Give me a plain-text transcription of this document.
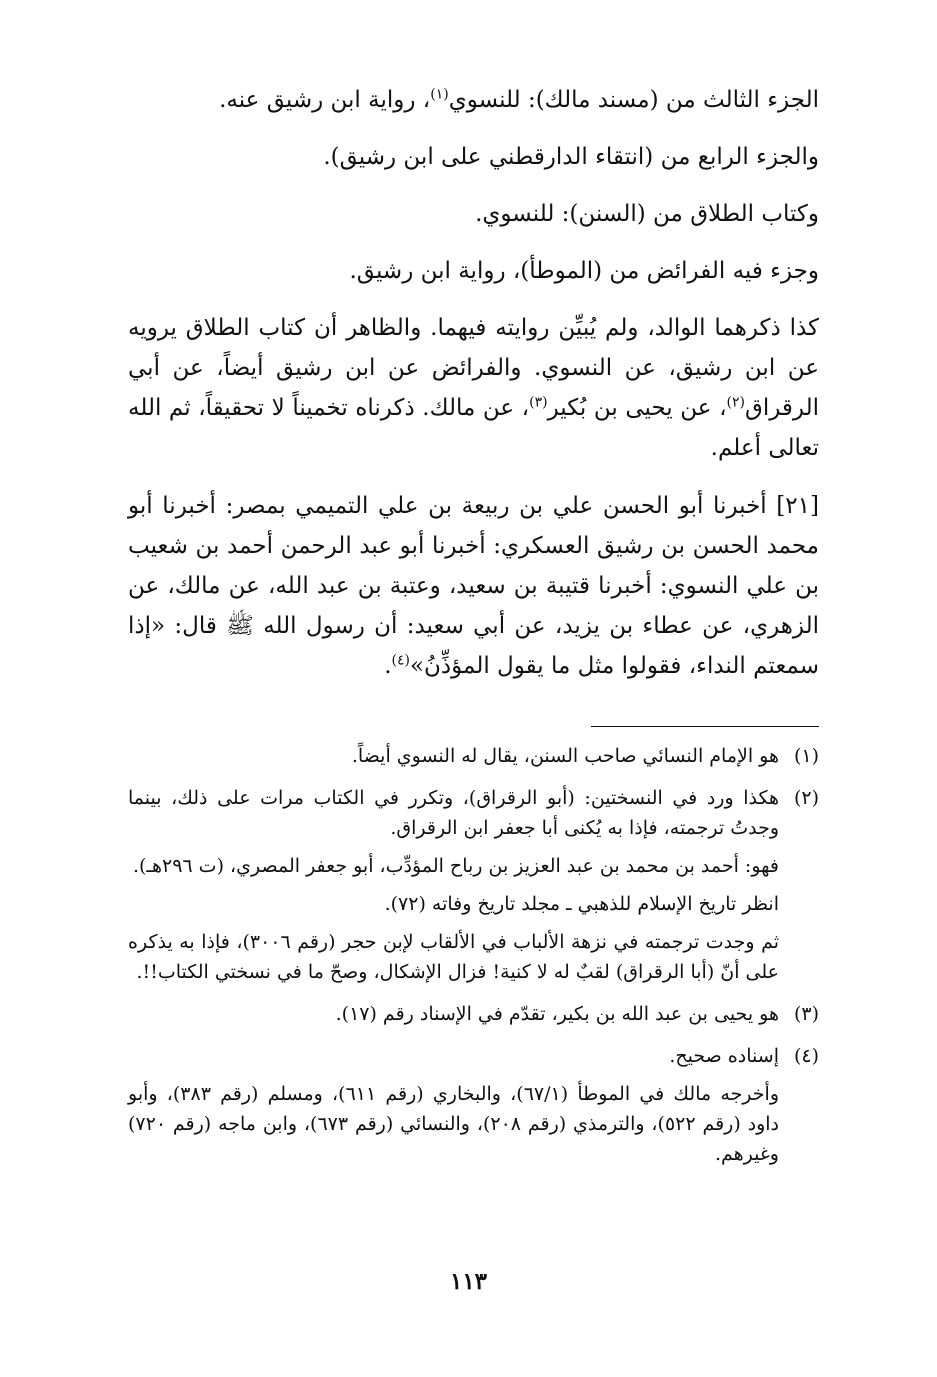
الجزء الثالث من (مسند مالك): للنسوي$^{(١)}$، رواية ابن رشيق عنه.

والجزء الرابع من (انتقاء الدارقطني على ابن رشيق).

وكتاب الطلاق من (السنن): للنسوي.

وجزء فيه الفرائض من (الموطأ)، رواية ابن رشيق.

كذا ذكرهما الوالد، ولم يُبيِّن روايته فيهما. والظاهر أن كتاب الطلاق يرويه عن ابن رشيق، عن النسوي. والفرائض عن ابن رشيق أيضاً، عن أبي الرقراق$^{(٢)}$، عن يحيى بن بُكير$^{(٣)}$، عن مالك. ذكرناه تخميناً لا تحقيقاً، ثم الله تعالى أعلم.

[٢١] أخبرنا أبو الحسن علي بن ربيعة بن علي التميمي بمصر: أخبرنا أبو محمد الحسن بن رشيق العسكري: أخبرنا أبو عبد الرحمن أحمد بن شعيب بن علي النسوي: أخبرنا قتيبة بن سعيد، وعتبة بن عبد الله، عن مالك، عن الزهري، عن عطاء بن يزيد، عن أبي سعيد: أن رسول الله ﷺ قال: «إذا سمعتم النداء، فقولوا مثل ما يقول المؤذِّنُ»$^{(٤)}$.

(١)

هو الإمام النسائي صاحب السنن، يقال له النسوي أيضاً.

(٢)

هكذا ورد في النسختين: (أبو الرقراق)، وتكرر في الكتاب مرات على ذلك، بينما وجدتُ ترجمته، فإذا به يُكنى أبا جعفر ابن الرقراق.

فهو: أحمد بن محمد بن عبد العزيز بن رباح المؤدِّب، أبو جعفر المصري، (ت ٢٩٦هـ).

انظر تاريخ الإسلام للذهبي ـ مجلد تاريخ وفاته (٧٢).

ثم وجدت ترجمته في نزهة الألباب في الألقاب لإبن حجر (رقم ٣٠٠٦)، فإذا به يذكره على أنّ (أبا الرقراق) لقبٌ له لا كنية! فزال الإشكال، وصحّ ما في نسختي الكتاب!!.

(٣)

هو يحيى بن عبد الله بن بكير، تقدّم في الإسناد رقم (١٧).

(٤)

إسناده صحيح.

وأخرجه مالك في الموطأ (٦٧/١)، والبخاري (رقم ٦١١)، ومسلم (رقم ٣٨٣)، وأبو داود (رقم ٥٢٢)، والترمذي (رقم ٢٠٨)، والنسائي (رقم ٦٧٣)، وابن ماجه (رقم ٧٢٠) وغيرهم.

١١٣
